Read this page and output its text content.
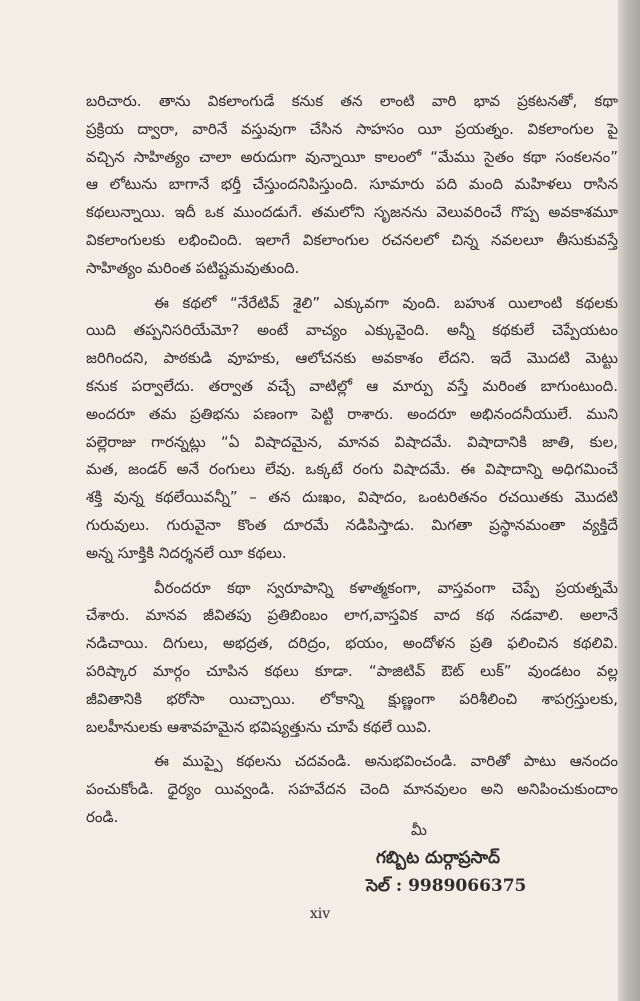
బరిచారు. తాను వికలాంగుడే కనుక తన లాంటి వారి భావ ప్రకటనతో, కథా
ప్రక్రియ ద్వారా, వారినే వస్తువుగా చేసిన సాహసం యీ ప్రయత్నం. వికలాంగుల పై
వచ్చిన సాహిత్యం చాలా అరుదుగా వున్నాయీ కాలంలో “మేము సైతం కథా సంకలనం”
ఆ లోటును బాగానే భర్తీ చేస్తుందనిపిస్తుంది. సూమారు పది మంది మహిళలు రాసిన
కథలున్నాయి. ఇదీ ఒక ముందడుగే. తమలోని సృజనను వెలువరించే గొప్ప అవకాశమూ
వికలాంగులకు లభించింది. ఇలాగే వికలాంగుల రచనలలో చిన్న నవలలూ తీసుకువస్తే
సాహిత్యం మరింత పటిష్టమవుతుంది.
ఈ కథలో “నేరేటివ్ శైలి” ఎక్కువగా వుంది. బహుశ యిలాంటి కథలకు
యిది తప్పనిసరియేమో? అంటే వాచ్యం ఎక్కువైంది. అన్నీ కథకులే చెప్పేయటం
జరిగిందని, పాఠకుడి వూహకు, ఆలోచనకు అవకాశం లేదని. ఇదే మొదటి మెట్టు
కనుక పర్వాలేదు. తర్వాత వచ్చే వాటిల్లో ఆ మార్పు వస్తే మరింత బాగుంటుంది.
అందరూ తమ ప్రతిభను పణంగా పెట్టి రాశారు. అందరూ అభినందనీయులే. ముని
పల్లెరాజు గారన్నట్లు “ఏ విషాదమైన, మానవ విషాదమే. విషాదానికి జాతి, కుల,
మత, జండర్ అనే రంగులు లేవు. ఒక్కటే రంగు విషాదమే. ఈ విషాదాన్ని అధిగమించే
శక్తి వున్న కథలేయివన్నీ” – తన దుఃఖం, విషాదం, ఒంటరితనం రచయితకు మొదటి
గురువులు. గురువైనా కొంత దూరమే నడిపిస్తాడు. మిగతా ప్రస్థానమంతా వ్యక్తిదే
అన్న సూక్తికి నిదర్శనలే యీ కథలు.
వీరందరూ కథా స్వరూపాన్ని కళాత్మకంగా, వాస్తవంగా చెప్పే ప్రయత్నమే
చేశారు. మానవ జీవితపు ప్రతిబింబం లాగ,వాస్తవిక వాద కథ నడవాలి. అలానే
నడిచాయి. దిగులు, అభద్రత, దరిద్రం, భయం, అందోళన ప్రతి ఫలించిన కథలివి.
పరిష్కార మార్గం చూపిన కథలు కూడా. “పాజిటివ్ ఔట్ లుక్” వుండటం వల్ల
జీవితానికి భరోసా యిచ్చాయి. లోకాన్ని క్షుణ్ణంగా పరిశీలించి శాపగ్రస్తులకు,
బలహీనులకు ఆశావహమైన భవిష్యత్తును చూపే కథలే యివి.
ఈ ముప్పై కథలను చదవండి. అనుభవించండి. వారితో పాటు ఆనందం
పంచుకోండి. ధైర్యం యివ్వండి. సహవేదన చెంది మానవులం అని అనిపించుకుందాం
రండి.
మీ
గబ్బిట దుర్గాప్రసాద్
సెల్ : 9989066375
xiv
